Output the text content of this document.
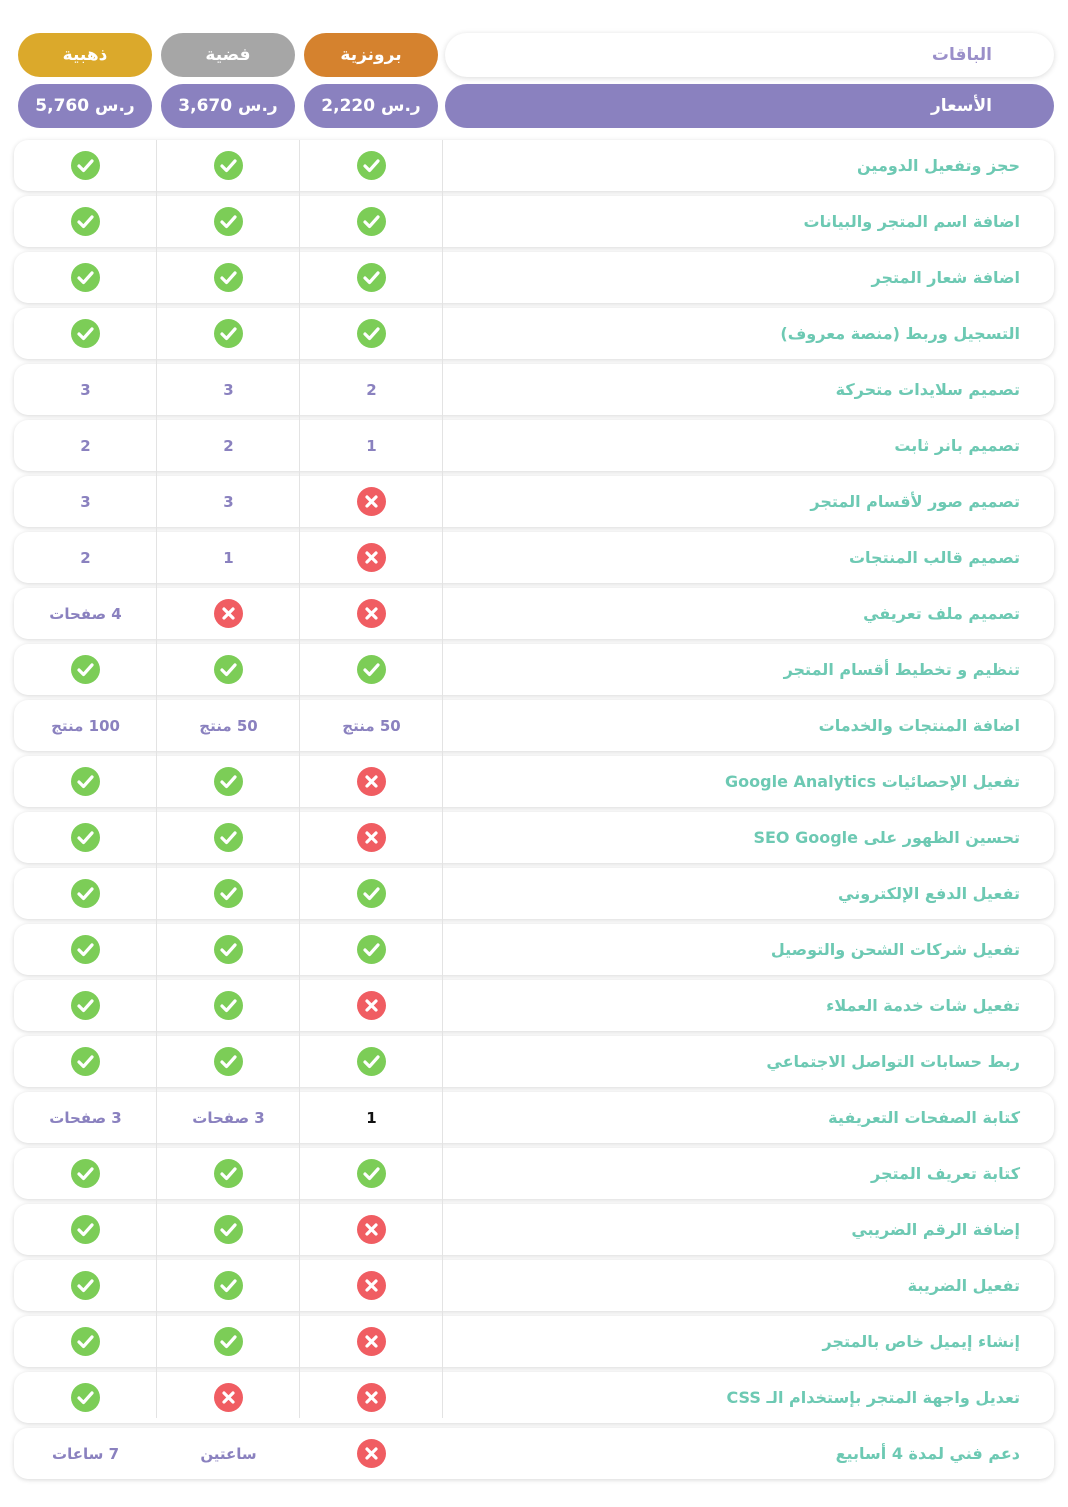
الباقات
الأسعار
برونزية
فضية
ذهبية
2,220 ر.س
3,670 ر.س
5,760 ر.س
حجز وتفعيل الدومين
اضافة اسم المتجر والبيانات
اضافة شعار المتجر
التسجيل وربط (منصة معروف)
تصميم سلايدات متحركة
2
3
3
تصميم بانر ثابت
1
2
2
تصميم صور لأقسام المتجر
3
3
تصميم قالب المنتجات
1
2
تصميم ملف تعريفي
4 صفحات
تنظيم و تخطيط أقسام المتجر
اضافة المنتجات والخدمات
50 منتج
50 منتج
100 منتج
تفعيل الإحصائيات Google Analytics
تحسين الظهور على SEO Google
تفعيل الدفع الإلكتروني
تفعيل شركات الشحن والتوصيل
تفعيل شات خدمة العملاء
ربط حسابات التواصل الاجتماعي
كتابة الصفحات التعريفية
1
3 صفحات
3 صفحات
كتابة تعريف المتجر
إضافة الرقم الضريبي
تفعيل الضريبة
إنشاء إيميل خاص بالمتجر
تعديل واجهة المتجر بإستخدام الـ CSS
دعم فني لمدة 4 أسابيع
ساعتين
7 ساعات
